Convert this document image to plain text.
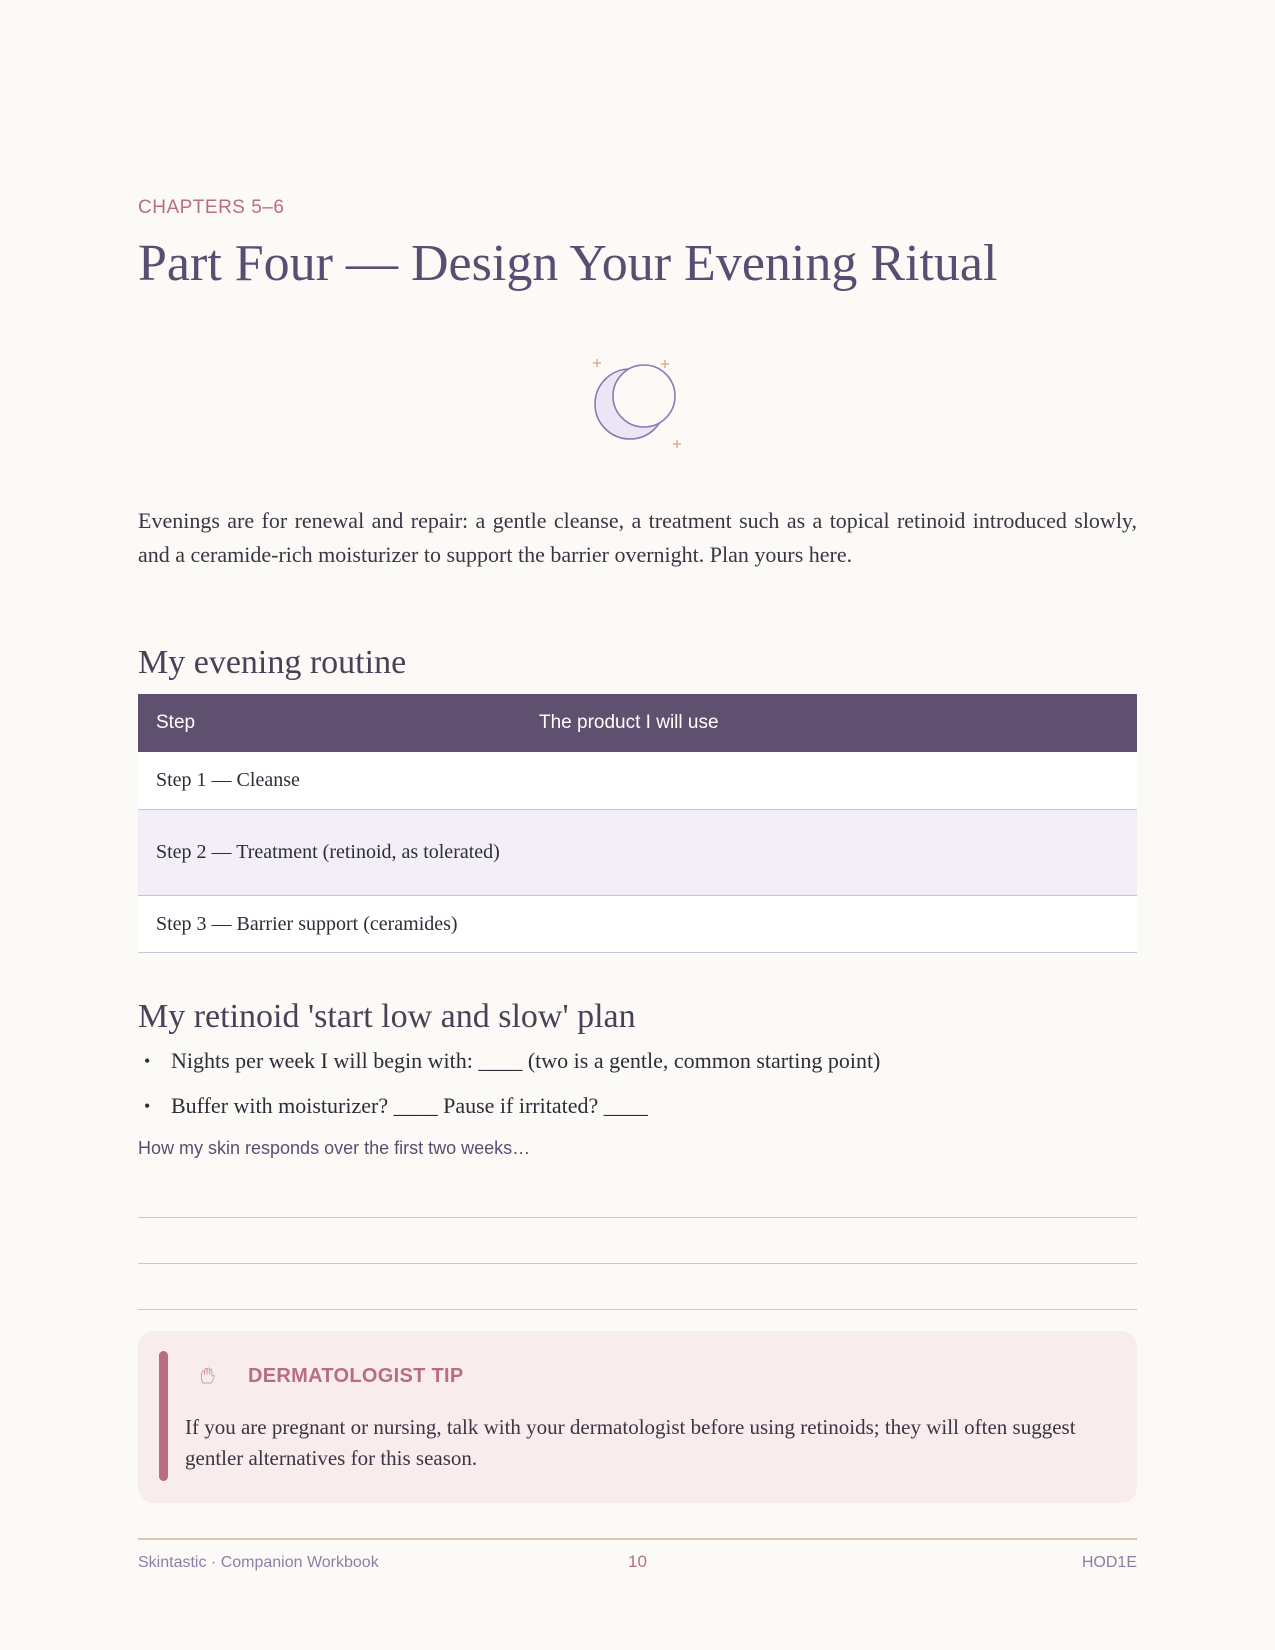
CHAPTERS 5–6
Part Four — Design Your Evening Ritual

Evenings are for renewal and repair: a gentle cleanse, a treatment such as a topical retinoid introduced slowly, and a ceramide-rich moisturizer to support the barrier overnight. Plan yours here.

My evening routine
Step	The product I will use
Step 1 — Cleanse	
Step 2 — Treatment (retinoid, as tolerated)	
Step 3 — Barrier support (ceramides)	
My retinoid 'start low and slow' plan
• Nights per week I will begin with: ____ (two is a gentle, common starting point)
• Buffer with moisturizer? ____ Pause if irritated? ____
How my skin responds over the first two weeks…
DERMATOLOGIST TIP

If you are pregnant or nursing, talk with your dermatologist before using retinoids; they will often suggest gentler alternatives for this season.

Skintastic · Companion Workbook	10	HOD1E
